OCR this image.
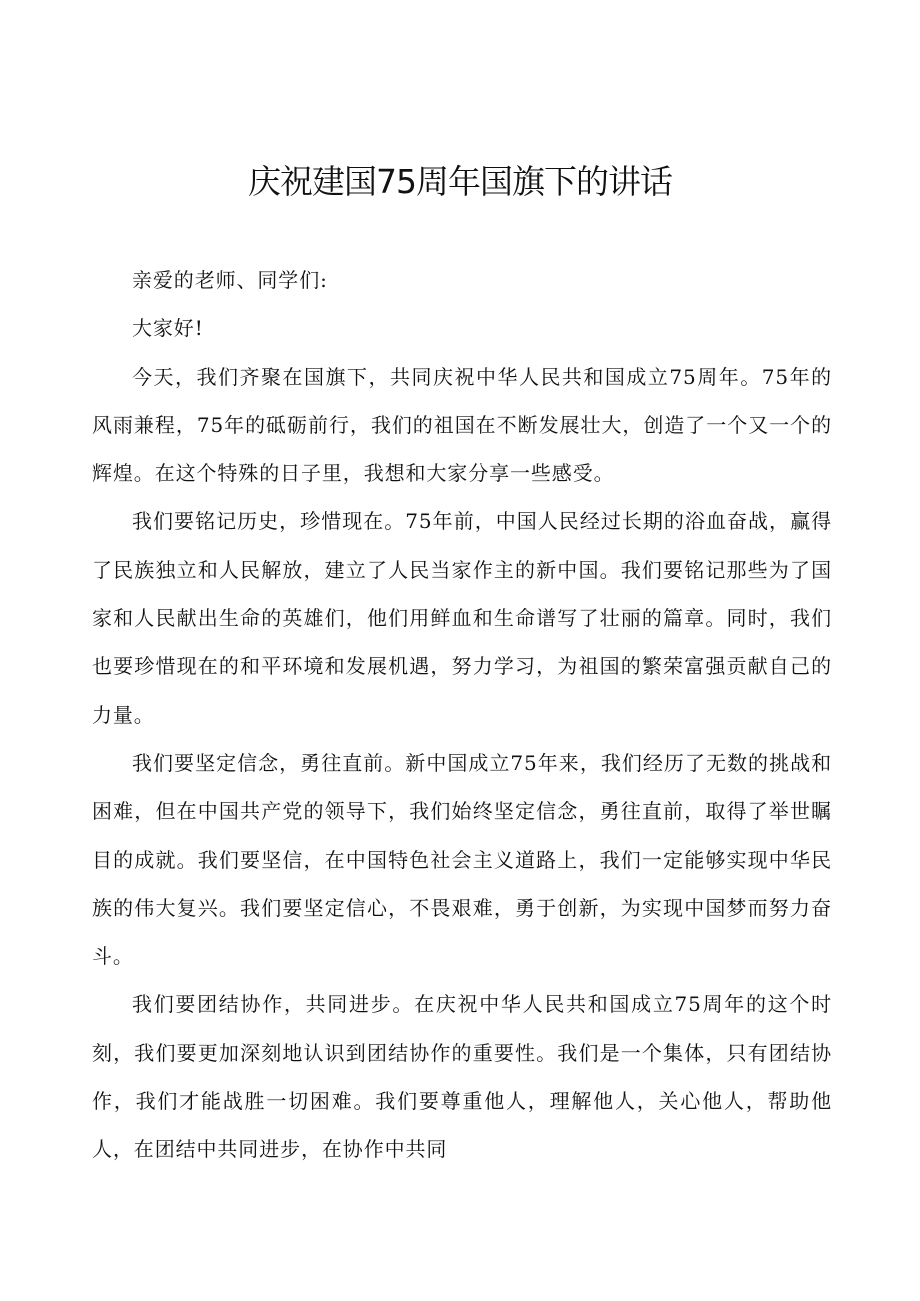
庆祝建国75周年国旗下的讲话

亲爱的老师、同学们:

大家好!

今天，我们齐聚在国旗下，共同庆祝中华人民共和国成立75周年。75年的风雨兼程，75年的砥砺前行，我们的祖国在不断发展壮大，创造了一个又一个的辉煌。在这个特殊的日子里，我想和大家分享一些感受。

我们要铭记历史，珍惜现在。75年前，中国人民经过长期的浴血奋战，赢得了民族独立和人民解放，建立了人民当家作主的新中国。我们要铭记那些为了国家和人民献出生命的英雄们，他们用鲜血和生命谱写了壮丽的篇章。同时，我们也要珍惜现在的和平环境和发展机遇，努力学习，为祖国的繁荣富强贡献自己的力量。

我们要坚定信念，勇往直前。新中国成立75年来，我们经历了无数的挑战和困难，但在中国共产党的领导下，我们始终坚定信念，勇往直前，取得了举世瞩目的成就。我们要坚信，在中国特色社会主义道路上，我们一定能够实现中华民族的伟大复兴。我们要坚定信心，不畏艰难，勇于创新，为实现中国梦而努力奋斗。

我们要团结协作，共同进步。在庆祝中华人民共和国成立75周年的这个时刻，我们要更加深刻地认识到团结协作的重要性。我们是一个集体，只有团结协作，我们才能战胜一切困难。我们要尊重他人，理解他人，关心他人，帮助他人，在团结中共同进步，在协作中共同
